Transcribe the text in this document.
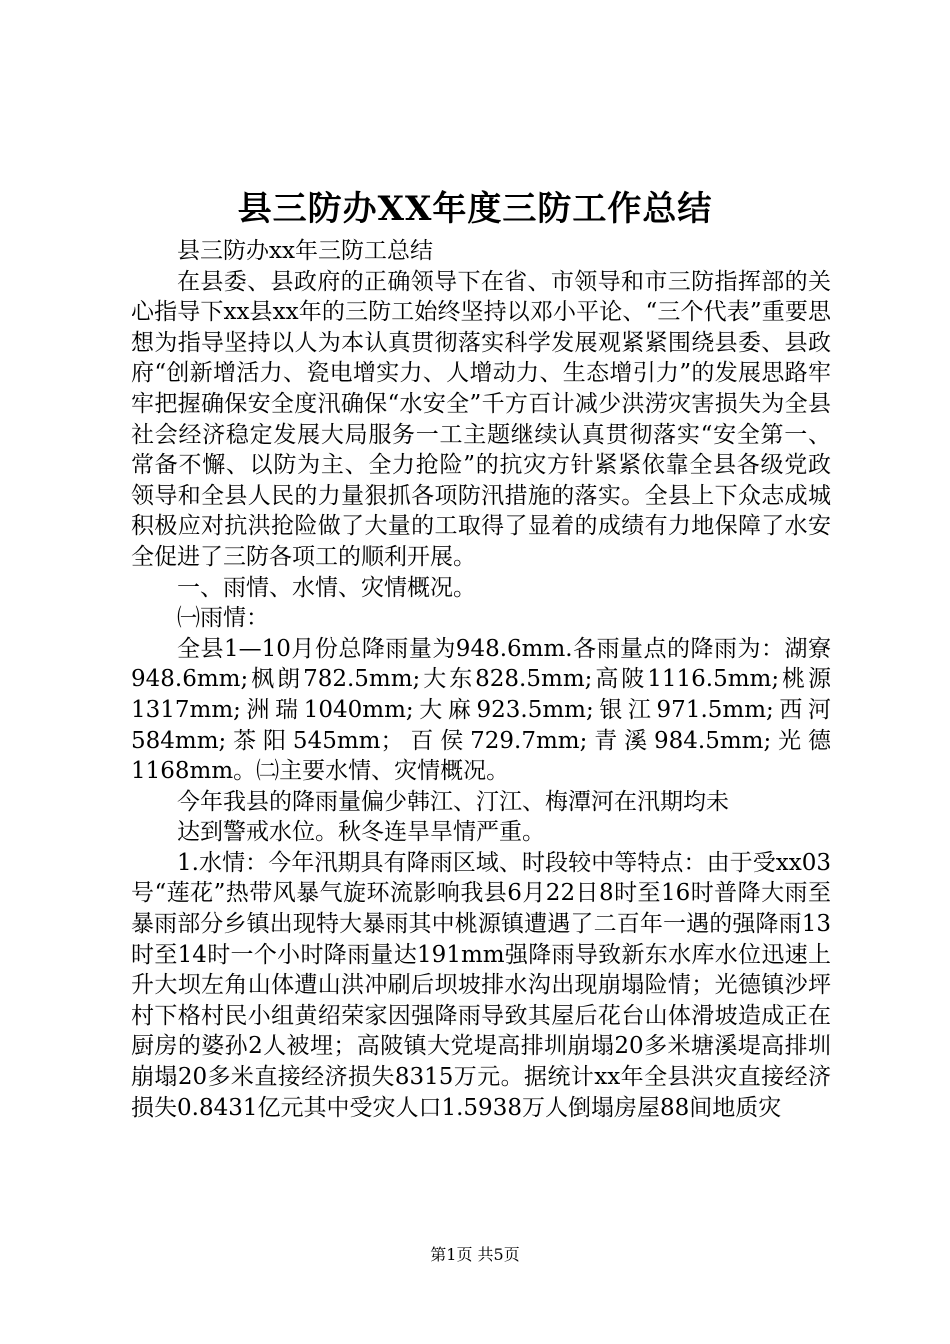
县三防办XX年度三防工作总结

县三防办xx年三防工总结

在县委、县政府的正确领导下在省、市领导和市三防指挥部的关心指导下xx县xx年的三防工始终坚持以邓小平论、“三个代表”重要思想为指导坚持以人为本认真贯彻落实科学发展观紧紧围绕县委、县政府“创新增活力、瓷电增实力、人增动力、生态增引力”的发展思路牢牢把握确保安全度汛确保“水安全”千方百计减少洪涝灾害损失为全县社会经济稳定发展大局服务一工主题继续认真贯彻落实“安全第一、常备不懈、以防为主、全力抢险”的抗灾方针紧紧依靠全县各级党政领导和全县人民的力量狠抓各项防汛措施的落实。全县上下众志成城积极应对抗洪抢险做了大量的工取得了显着的成绩有力地保障了水安全促进了三防各项工的顺利开展。

一、雨情、水情、灾情概况。

㈠雨情：

全县1—10月份总降雨量为948.6mm.各雨量点的降雨为：湖寮948.6mm;枫朗782.5mm;大东828.5mm;高陂1116.5mm;桃源1317mm;洲瑞1040mm;大麻923.5mm;银江971.5mm;西河584mm;茶阳545mm；百侯729.7mm;青溪984.5mm;光德1168mm。㈡主要水情、灾情概况。

今年我县的降雨量偏少韩江、汀江、梅潭河在汛期均未

达到警戒水位。秋冬连旱旱情严重。

1.水情：今年汛期具有降雨区域、时段较中等特点：由于受xx03号“莲花”热带风暴气旋环流影响我县6月22日8时至16时普降大雨至暴雨部分乡镇出现特大暴雨其中桃源镇遭遇了二百年一遇的强降雨13时至14时一个小时降雨量达191mm强降雨导致新东水库水位迅速上升大坝左角山体遭山洪冲刷后坝坡排水沟出现崩塌险情；光德镇沙坪村下格村民小组黄绍荣家因强降雨导致其屋后花台山体滑坡造成正在厨房的婆孙2人被埋；高陂镇大党堤高排圳崩塌20多米塘溪堤高排圳崩塌20多米直接经济损失8315万元。据统计xx年全县洪灾直接经济损失0.8431亿元其中受灾人口1.5938万人倒塌房屋88间地质灾

第1页 共5页
